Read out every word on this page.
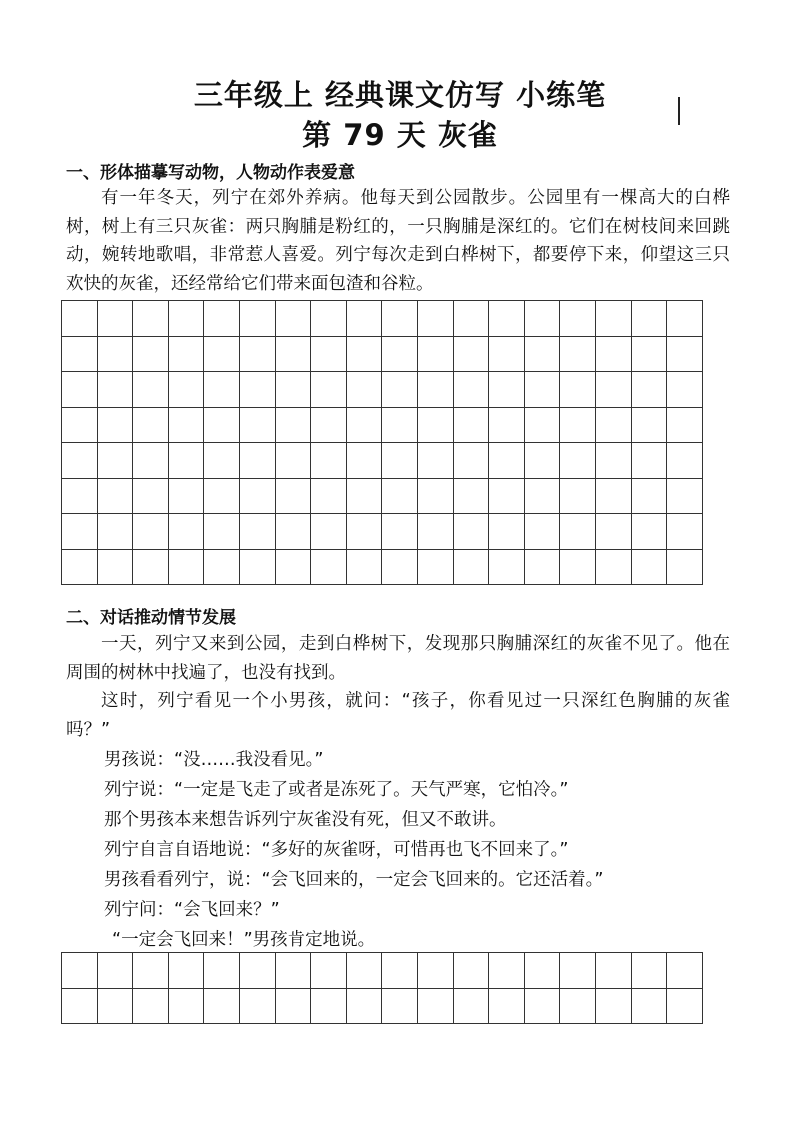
三年级上 经典课文仿写 小练笔
第 79 天 灰雀
一、形体描摹写动物，人物动作表爱意

有一年冬天，列宁在郊外养病。他每天到公园散步。公园里有一棵高大的白桦树，树上有三只灰雀：两只胸脯是粉红的，一只胸脯是深红的。它们在树枝间来回跳动，婉转地歌唱，非常惹人喜爱。列宁每次走到白桦树下，都要停下来，仰望这三只欢快的灰雀，还经常给它们带来面包渣和谷粒。

二、对话推动情节发展

一天，列宁又来到公园，走到白桦树下，发现那只胸脯深红的灰雀不见了。他在周围的树林中找遍了，也没有找到。

这时，列宁看见一个小男孩，就问：“孩子，你看见过一只深红色胸脯的灰雀吗？”

男孩说：“没……我没看见。”

列宁说：“一定是飞走了或者是冻死了。天气严寒，它怕冷。”

那个男孩本来想告诉列宁灰雀没有死，但又不敢讲。

列宁自言自语地说：“多好的灰雀呀，可惜再也飞不回来了。”

男孩看看列宁，说：“会飞回来的，一定会飞回来的。它还活着。”

列宁问：“会飞回来？”

“一定会飞回来！”男孩肯定地说。
